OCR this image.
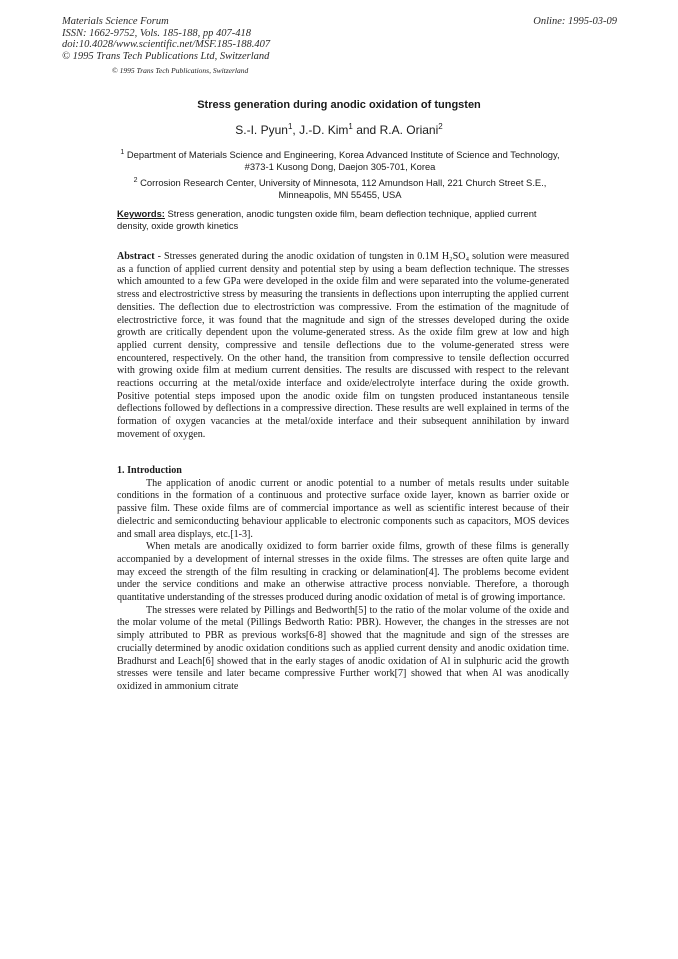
Materials Science Forum
ISSN: 1662-9752, Vols. 185-188, pp 407-418
doi:10.4028/www.scientific.net/MSF.185-188.407
© 1995 Trans Tech Publications Ltd, Switzerland
Online: 1995-03-09
© 1995 Trans Tech Publications, Switzerland
Stress generation during anodic oxidation of tungsten
S.-I. Pyun$^1$, J.-D. Kim$^1$ and R.A. Oriani$^2$
$^1$ Department of Materials Science and Engineering, Korea Advanced Institute of Science and Technology, #373-1 Kusong Dong, Daejon 305-701, Korea
$^2$ Corrosion Research Center, University of Minnesota, 112 Amundson Hall, 221 Church Street S.E., Minneapolis, MN 55455, USA
Keywords: Stress generation, anodic tungsten oxide film, beam deflection technique, applied current density, oxide growth kinetics

Abstract - Stresses generated during the anodic oxidation of tungsten in 0.1M H₂SO₄ solution were measured as a function of applied current density and potential step by using a beam deflection technique. The stresses which amounted to a few GPa were developed in the oxide film and were separated into the volume-generated stress and electrostrictive stress by measuring the transients in deflections upon interrupting the applied current densities. The deflection due to electrostriction was compressive. From the estimation of the magnitude of electrostrictive force, it was found that the magnitude and sign of the stresses developed during the oxide growth are critically dependent upon the volume-generated stress. As the oxide film grew at low and high applied current density, compressive and tensile deflections due to the volume-generated stress were encountered, respectively. On the other hand, the transition from compressive to tensile deflection occurred with growing oxide film at medium current densities. The results are discussed with respect to the relevant reactions occurring at the metal/oxide interface and oxide/electrolyte interface during the oxide growth. Positive potential steps imposed upon the anodic oxide film on tungsten produced instantaneous tensile deflections followed by deflections in a compressive direction. These results are well explained in terms of the formation of oxygen vacancies at the metal/oxide interface and their subsequent annihilation by inward movement of oxygen.

1. Introduction

The application of anodic current or anodic potential to a number of metals results under suitable conditions in the formation of a continuous and protective surface oxide layer, known as barrier oxide or passive film. These oxide films are of commercial importance as well as scientific interest because of their dielectric and semiconducting behaviour applicable to electronic components such as capacitors, MOS devices and small area displays, etc.[1-3].

When metals are anodically oxidized to form barrier oxide films, growth of these films is generally accompanied by a development of internal stresses in the oxide films. The stresses are often quite large and may exceed the strength of the film resulting in cracking or delamination[4]. The problems become evident under the service conditions and make an otherwise attractive process nonviable. Therefore, a thorough quantitative understanding of the stresses produced during anodic oxidation of metal is of growing importance.

The stresses were related by Pillings and Bedworth[5] to the ratio of the molar volume of the oxide and the molar volume of the metal (Pillings Bedworth Ratio: PBR). However, the changes in the stresses are not simply attributed to PBR as previous works[6-8] showed that the magnitude and sign of the stresses are crucially determined by anodic oxidation conditions such as applied current density and anodic oxidation time. Bradhurst and Leach[6] showed that in the early stages of anodic oxidation of Al in sulphuric acid the growth stresses were tensile and later became compressive Further work[7] showed that when Al was anodically oxidized in ammonium citrate
